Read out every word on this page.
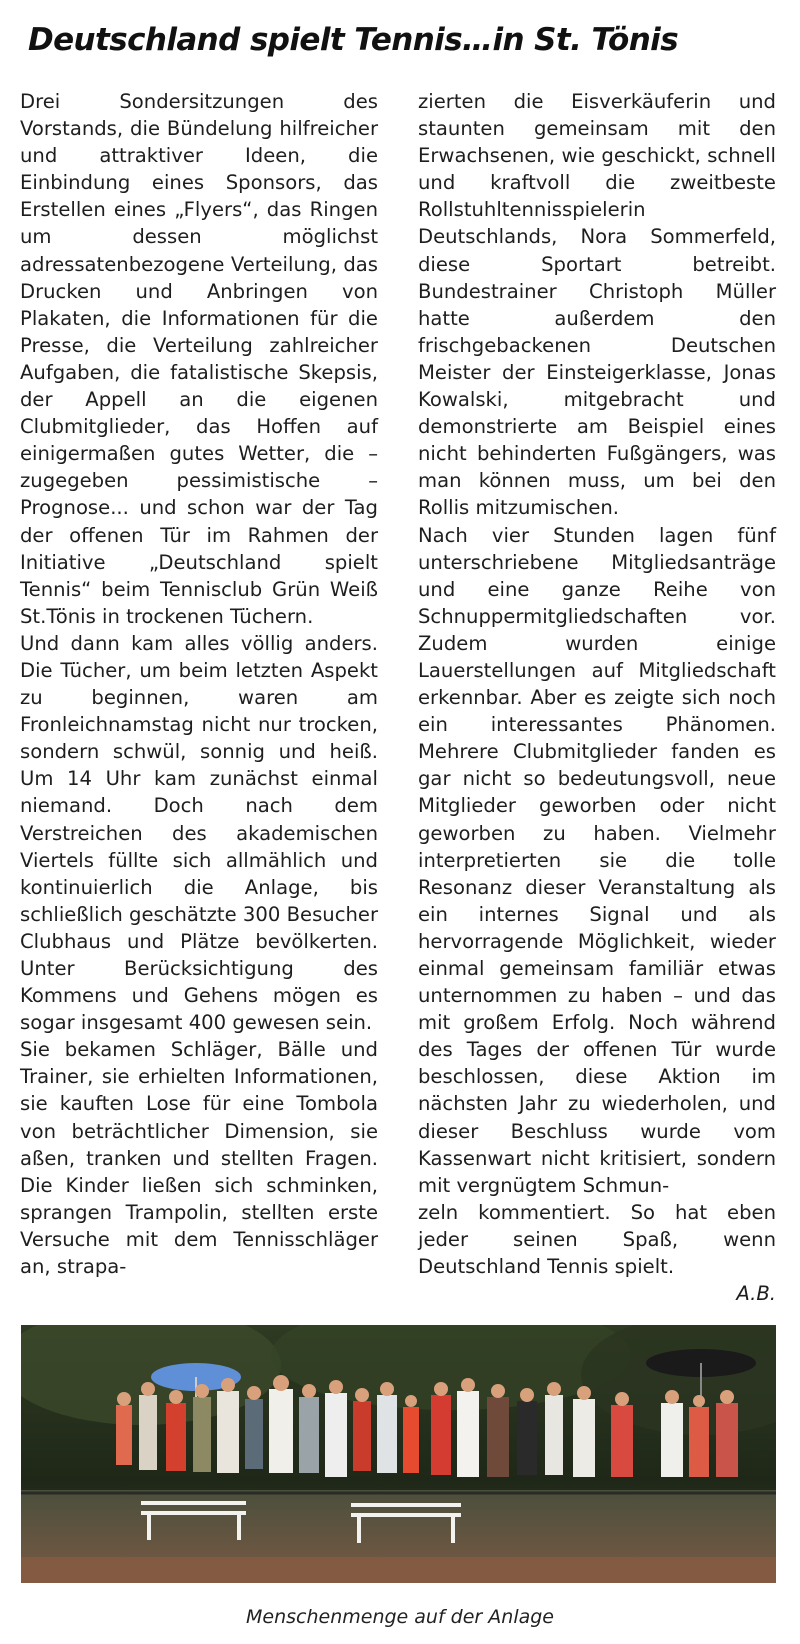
Deutschland spielt Tennis…in St. Tönis

Drei Sondersitzungen des Vorstands, die Bündelung hilfreicher und attraktiver Ideen, die Einbindung eines Sponsors, das Erstellen eines „Flyers“, das Ringen um dessen möglichst adressatenbezogene Verteilung, das Drucken und Anbringen von Plakaten, die Informationen für die Presse, die Verteilung zahlreicher Aufgaben, die fatalistische Skepsis, der Appell an die eigenen Clubmitglieder, das Hoffen auf einigermaßen gutes Wetter, die – zugegeben pessimistische – Prognose... und schon war der Tag der offenen Tür im Rahmen der Initiative „Deutschland spielt Tennis“ beim Tennisclub Grün Weiß St.Tönis in trockenen Tüchern.

Und dann kam alles völlig anders. Die Tücher, um beim letzten Aspekt zu beginnen, waren am Fronleichnamstag nicht nur trocken, sondern schwül, sonnig und heiß. Um 14 Uhr kam zunächst einmal niemand. Doch nach dem Verstreichen des akademischen Viertels füllte sich allmählich und kontinuierlich die Anlage, bis schließlich geschätzte 300 Besucher Clubhaus und Plätze bevölkerten. Unter Berücksichtigung des Kommens und Gehens mögen es sogar insgesamt 400 gewesen sein.

Sie bekamen Schläger, Bälle und Trainer, sie erhielten Informationen, sie kauften Lose für eine Tombola von beträchtlicher Dimension, sie aßen, tranken und stellten Fragen. Die Kinder ließen sich schminken, sprangen Trampolin, stellten erste Versuche mit dem Tennisschläger an, strapa-

zierten die Eisverkäuferin und staunten gemeinsam mit den Erwachsenen, wie geschickt, schnell und kraftvoll die zweitbeste Rollstuhltennisspielerin Deutschlands, Nora Sommerfeld, diese Sportart betreibt. Bundestrainer Christoph Müller hatte außerdem den frischgebackenen Deutschen Meister der Einsteigerklasse, Jonas Kowalski, mitgebracht und demonstrierte am Beispiel eines nicht behinderten Fußgängers, was man können muss, um bei den Rollis mitzumischen.

Nach vier Stunden lagen fünf unterschriebene Mitgliedsanträge und eine ganze Reihe von Schnuppermitgliedschaften vor. Zudem wurden einige Lauerstellungen auf Mitgliedschaft erkennbar. Aber es zeigte sich noch ein interessantes Phänomen. Mehrere Clubmitglieder fanden es gar nicht so bedeutungsvoll, neue Mitglieder geworben oder nicht geworben zu haben. Vielmehr interpretierten sie die tolle Resonanz dieser Veranstaltung als ein internes Signal und als hervorragende Möglichkeit, wieder einmal gemeinsam familiär etwas unternommen zu haben – und das mit großem Erfolg. Noch während des Tages der offenen Tür wurde beschlossen, diese Aktion im nächsten Jahr zu wiederholen, und dieser Beschluss wurde vom Kassenwart nicht kritisiert, sondern mit vergnügtem Schmun-

zeln kommentiert. So hat eben jeder seinen Spaß, wenn Deutschland Tennis spielt.
A.B.

Menschenmenge auf der Anlage
